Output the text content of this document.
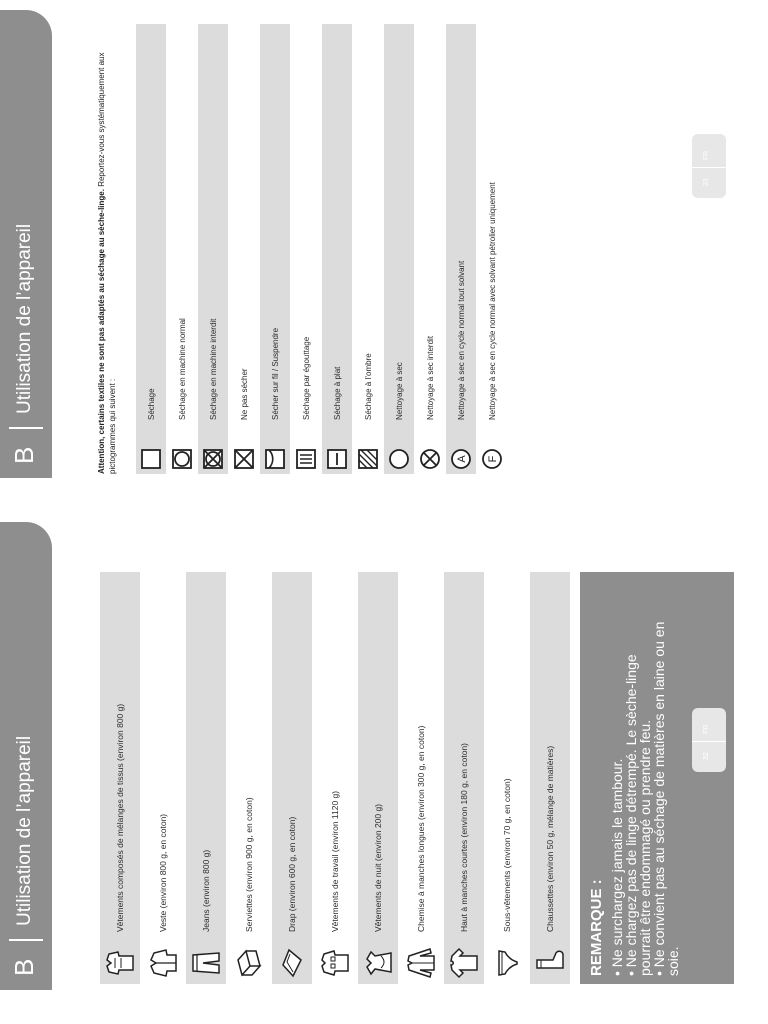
B
Utilisation de l’appareil	Vêtements composés de mélanges de tissus (environ 800 g)	Veste (environ 800 g, en coton)	Jeans (environ 800 g)	Serviettes (environ 900 g, en coton)	Drap (environ 600 g, en coton)	Vêtements de travail (environ 1120 g)	Vêtements de nuit (environ 200 g)	Chemise à manches longues (environ 300 g, en coton)	Haut à manches courtes (environ 180 g, en coton)	Sous-vêtements (environ 70 g, en coton)	Chaussettes (environ 50 g, mélange de matières) REMARQUE : • Ne surchargez jamais le tambour.
• Ne chargez pas de linge détrempé. Le sèche-linge
pourrait être endommagé ou prendre feu.
• Ne convient pas au séchage de matières en laine ou en
soie.
32
FR
B
Utilisation de l’appareil	Attention, certains textiles ne sont pas adaptés au séchage au sèche-linge. Reportez-vous systématiquement aux pictogrammes qui suivent :	Séchage	Séchage en machine normal	Séchage en machine interdit	Ne pas sécher	Sécher sur fil / Suspendre	Séchage par égouttage	Séchage à plat	Séchage à l’ombre	Nettoyage à sec	Nettoyage à sec interdit
A
Nettoyage à sec en cycle normal tout solvant
F
Nettoyage à sec en cycle normal avec solvant pétrolier uniquement	33
FR
